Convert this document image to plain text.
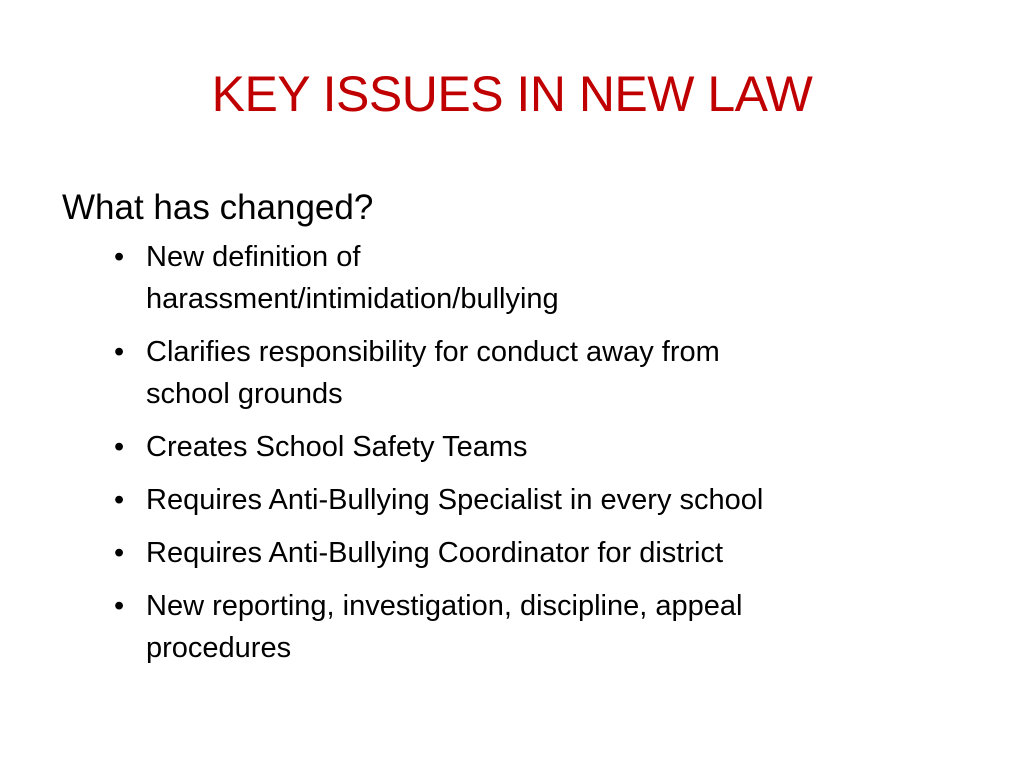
KEY ISSUES IN NEW LAW
What has changed?
• New definition of
harassment/intimidation/bullying
• Clarifies responsibility for conduct away from
school grounds
• Creates School Safety Teams
• Requires Anti-Bullying Specialist in every school
• Requires Anti-Bullying Coordinator for district
• New reporting, investigation, discipline, appeal
procedures
